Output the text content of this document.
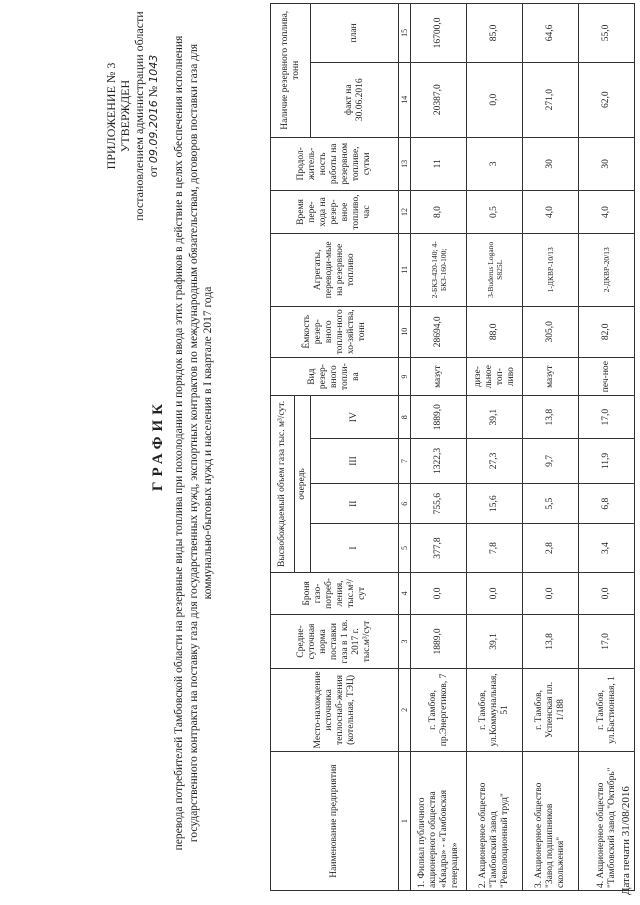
ПРИЛОЖЕНИЕ № 3 УТВЕРЖДЕН постановлением администрации области от 09.09.2016 № 1043
ГРАФИК перевода потребителей Тамбовской области на резервные виды топлива при похолодании и порядок ввода этих графиков в действие в целях обеспечения исполнения государственного контракта на поставку газа для государственных нужд, экспортных контрактов по международным обязательствам, договоров поставки газа для коммунально-бытовых нужд и населения в I квартале 2017 года
Наименование предприятия	Место-нахождение источника теплоснаб-жения (котельная, ТЭЦ)	Средне-суточная норма поставки газа в 1 кв. 2017 г. тыс.м³/сут	Броня газо-потреб-ления, тыс.м³/сут	Высвобождаемый объем газа тыс. м³/сут.				Вид резер-вного топли-ва	Ёмкость резер-вного топли-ного хо-зяйства, тонн	Агрегаты, переводи-мые на резервное топливо	Время пере-хода на резер-вное топливо, час	Продол-житель-ность работы на резервном топливе, сутки	Наличие резервного топлива, тонн	
				очередь										
				I	II	III	IV						факт на 30.06.2016	план
1	2	3	4	5	6	7	8	9	10	11	12	13	14	15
1. Филиал публичного акционерного общества «Квадра» - «Тамбовская генерация»	г. Тамбов, пр.Энергетиков, 7	1889,0	0,0	377,8	755,6	1322,3	1889,0	мазут	28694,0	2-БКЗ-420-140; 4-БКЗ-160-100;	8,0	11	20387,0	16700,0
2. Акционерное общество "Тамбовский завод "Революционный труд"	г. Тамбов, ул.Коммунальная, 51	39,1	0,0	7,8	15,6	27,3	39,1	дизе-льное топ-ливо	88,0	3-Buderus Logano S825L	0,5	3	0,0	85,0
3. Акционерное общество "Завод подшипников скольжения"	г. Тамбов, Успенская пл. 1/188	13,8	0,0	2,8	5,5	9,7	13,8	мазут	305,0	1-ДКВР-10/13	4,0	30	271,0	64,6
4. Акционерное общество "Тамбовский завод "Октябрь"	г. Тамбов, ул.Бастионная, 1	17,0	0,0	3,4	6,8	11,9	17,0	печ-ное	82,0	2-ДКВР-20/13	4,0	30	62,0	55,0
Дата печати 31/08/2016
